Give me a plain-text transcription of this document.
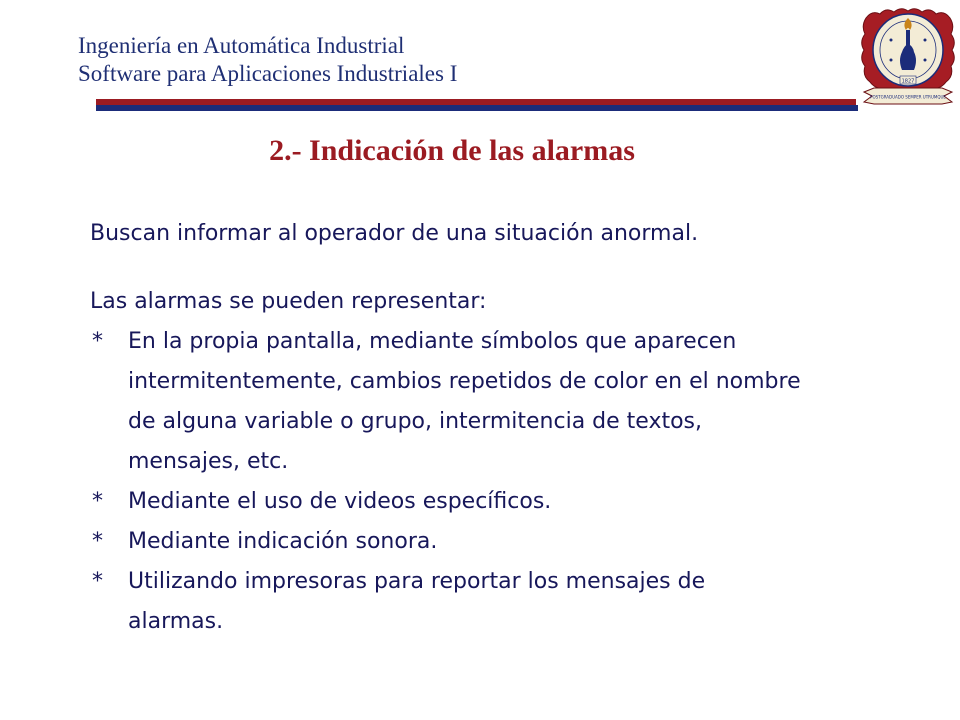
Ingeniería en Automática Industrial
Software para Aplicaciones Industriales I	1827
POSTGRADUADO SEMPER UTRUMQUE
2.- Indicación de las alarmas
Buscan informar al operador de una situación anormal.
Las alarmas se pueden representar:
* En la propia pantalla, mediante símbolos que aparecen
intermitentemente, cambios repetidos de color en el nombre
de alguna variable o grupo, intermitencia de textos,
mensajes, etc.
* Mediante el uso de videos específicos.
* Mediante indicación sonora.
* Utilizando impresoras para reportar los mensajes de
alarmas.
